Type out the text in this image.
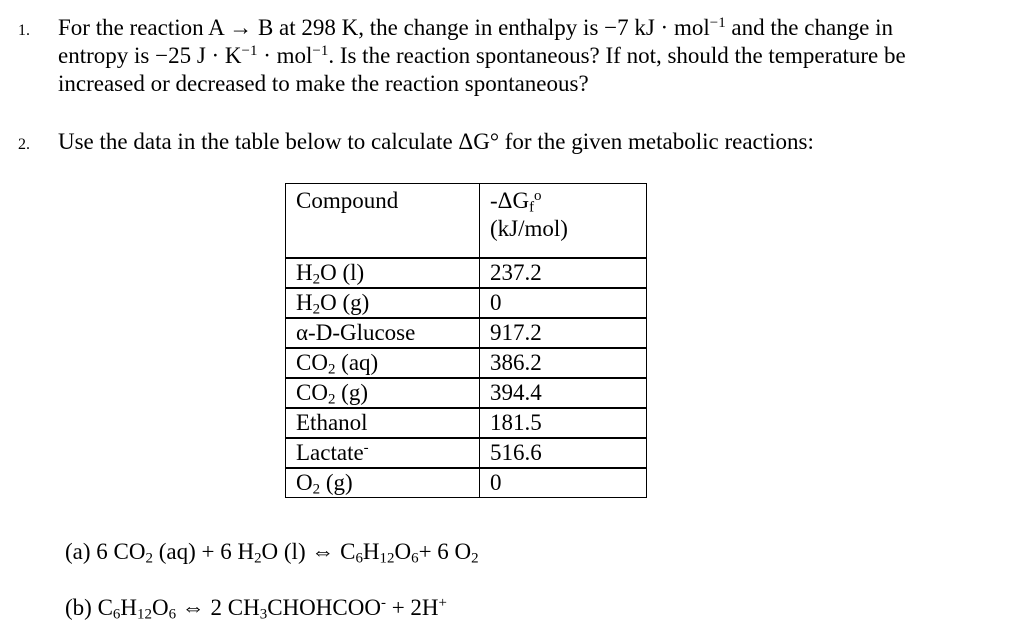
1. For the reaction A → B at 298 K, the change in enthalpy is −7 kJ · mol$^{-1}$ and the change in entropy is −25 $J \cdot K^{-1} \cdot mol^{-1}$. Is the reaction spontaneous? If not, should the temperature be increased or decreased to make the reaction spontaneous?
2. Use the data in the table below to calculate ΔG° for the given metabolic reactions:
Compound	$-\Delta G_f^o$
(kJ/mol)
$H_2O$ (l)	237.2
$H_2O$ (g)	0
α-D-Glucose	917.2
$CO_2$ (aq)	386.2
$CO_2$ (g)	394.4
Ethanol	181.5
Lactate-	516.6
$O_2$ (g)	0
(a) 6 $CO_2$ (aq) + 6 $H_2O$ (l) ⇔ $C_6H_{12}O_6+ 6$ $O_2$
(b) $C_6H_{12}O_6$ ⇔ 2 $CH_3CHOHCOO^- + 2H^+$
